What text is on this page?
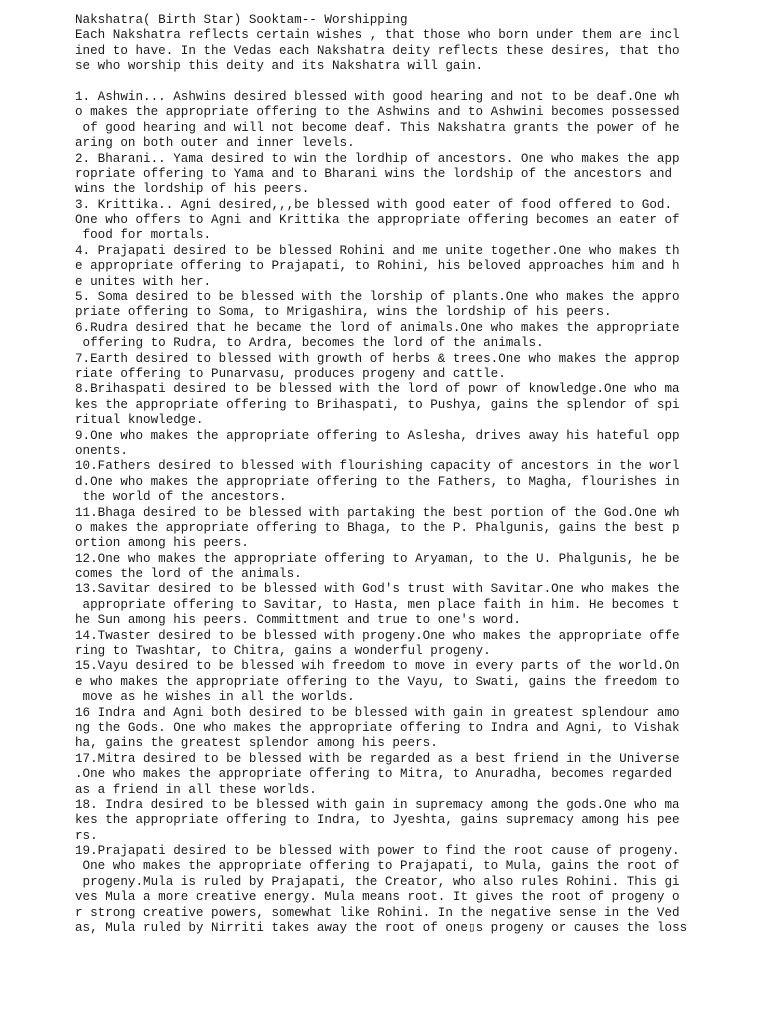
Nakshatra( Birth Star) Sooktam-- Worshipping
Each Nakshatra reflects certain wishes , that those who born under them are incl
ined to have. In the Vedas each Nakshatra deity reflects these desires, that tho
se who worship this deity and its Nakshatra will gain.
1. Ashwin... Ashwins desired blessed with good hearing and not to be deaf.One wh
o makes the appropriate offering to the Ashwins and to Ashwini becomes possessed
of good hearing and will not become deaf. This Nakshatra grants the power of he
aring on both outer and inner levels.
2. Bharani.. Yama desired to win the lordhip of ancestors. One who makes the app
ropriate offering to Yama and to Bharani wins the lordship of the ancestors and
wins the lordship of his peers.
3. Krittika.. Agni desired,,,be blessed with good eater of food offered to God.
One who offers to Agni and Krittika the appropriate offering becomes an eater of
food for mortals.
4. Prajapati desired to be blessed Rohini and me unite together.One who makes th
e appropriate offering to Prajapati, to Rohini, his beloved approaches him and h
e unites with her.
5. Soma desired to be blessed with the lorship of plants.One who makes the appro
priate offering to Soma, to Mrigashira, wins the lordship of his peers.
6.Rudra desired that he became the lord of animals.One who makes the appropriate
offering to Rudra, to Ardra, becomes the lord of the animals.
7.Earth desired to blessed with growth of herbs & trees.One who makes the approp
riate offering to Punarvasu, produces progeny and cattle.
8.Brihaspati desired to be blessed with the lord of powr of knowledge.One who ma
kes the appropriate offering to Brihaspati, to Pushya, gains the splendor of spi
ritual knowledge.
9.One who makes the appropriate offering to Aslesha, drives away his hateful opp
onents.
10.Fathers desired to blessed with flourishing capacity of ancestors in the worl
d.One who makes the appropriate offering to the Fathers, to Magha, flourishes in
the world of the ancestors.
11.Bhaga desired to be blessed with partaking the best portion of the God.One wh
o makes the appropriate offering to Bhaga, to the P. Phalgunis, gains the best p
ortion among his peers.
12.One who makes the appropriate offering to Aryaman, to the U. Phalgunis, he be
comes the lord of the animals.
13.Savitar desired to be blessed with God's trust with Savitar.One who makes the
appropriate offering to Savitar, to Hasta, men place faith in him. He becomes t
he Sun among his peers. Committment and true to one's word.
14.Twaster desired to be blessed with progeny.One who makes the appropriate offe
ring to Twashtar, to Chitra, gains a wonderful progeny.
15.Vayu desired to be blessed wih freedom to move in every parts of the world.On
e who makes the appropriate offering to the Vayu, to Swati, gains the freedom to
move as he wishes in all the worlds.
16 Indra and Agni both desired to be blessed with gain in greatest splendour amo
ng the Gods. One who makes the appropriate offering to Indra and Agni, to Vishak
ha, gains the greatest splendor among his peers.
17.Mitra desired to be blessed with be regarded as a best friend in the Universe
.One who makes the appropriate offering to Mitra, to Anuradha, becomes regarded
as a friend in all these worlds.
18. Indra desired to be blessed with gain in supremacy among the gods.One who ma
kes the appropriate offering to Indra, to Jyeshta, gains supremacy among his pee
rs.
19.Prajapati desired to be blessed with power to find the root cause of progeny.
One who makes the appropriate offering to Prajapati, to Mula, gains the root of
progeny.Mula is ruled by Prajapati, the Creator, who also rules Rohini. This gi
ves Mula a more creative energy. Mula means root. It gives the root of progeny o
r strong creative powers, somewhat like Rohini. In the negative sense in the Ved
as, Mula ruled by Nirriti takes away the root of one▯s progeny or causes the loss
